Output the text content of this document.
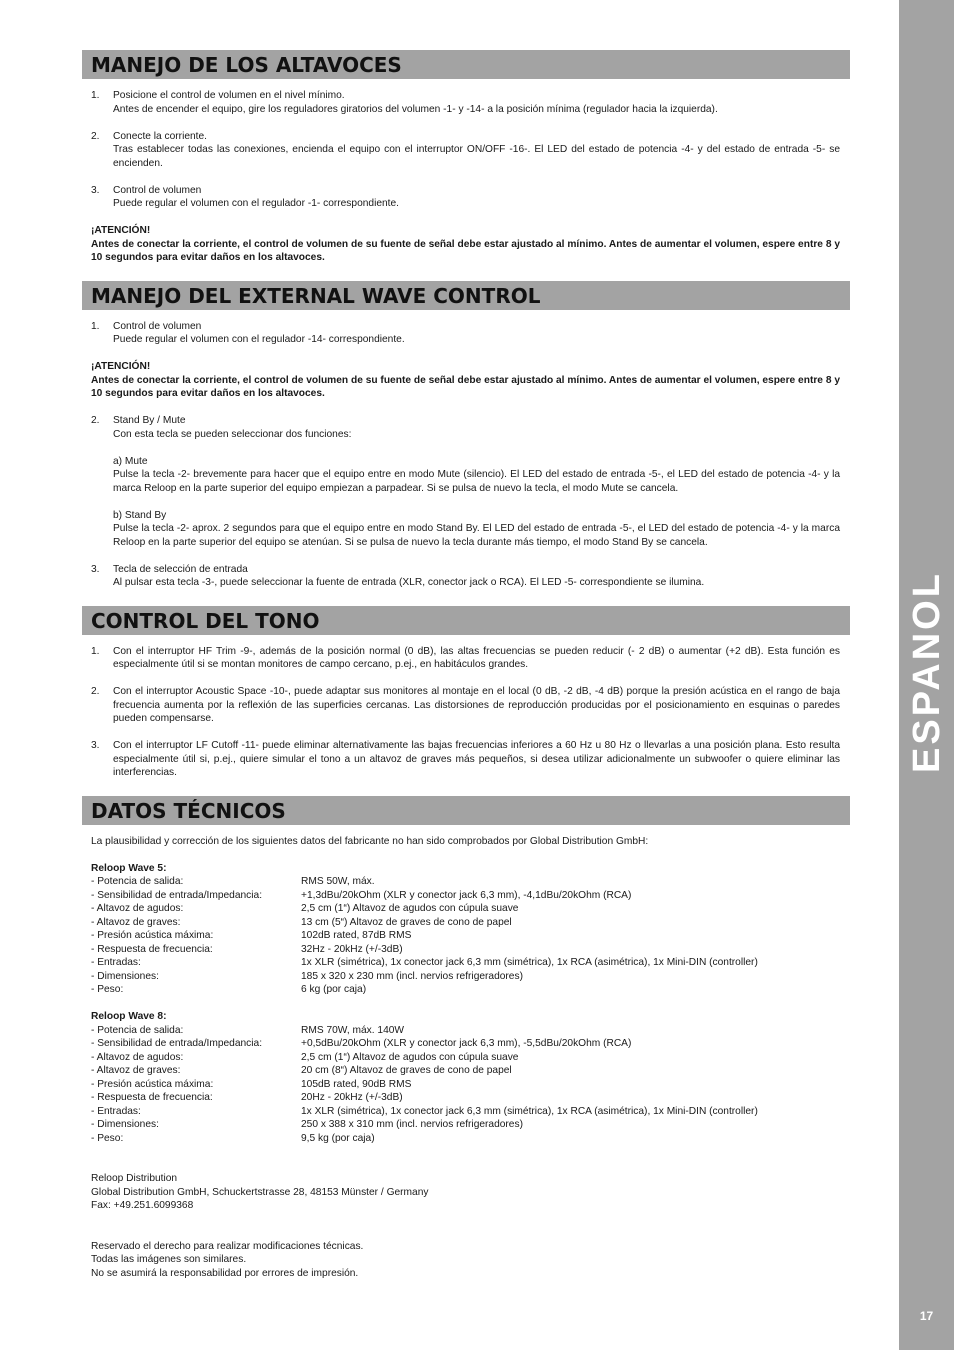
ESPANOL
17
MANEJO DE LOS ALTAVOCES
1. Posicione el control de volumen en el nivel mínimo.

Antes de encender el equipo, gire los reguladores giratorios del volumen -1- y -14- a la posición mínima (regulador hacia la izquierda).

2. Conecte la corriente.

Tras establecer todas las conexiones, encienda el equipo con el interruptor ON/OFF -16-. El LED del estado de potencia -4- y del estado de entrada -5- se encienden.

3. Control de volumen

Puede regular el volumen con el regulador -1- correspondiente.

¡ATENCIÓN!

Antes de conectar la corriente, el control de volumen de su fuente de señal debe estar ajustado al mínimo. Antes de aumentar el volumen, espere entre 8 y 10 segundos para evitar daños en los altavoces.

MANEJO DEL EXTERNAL WAVE CONTROL
1. Control de volumen

Puede regular el volumen con el regulador -14- correspondiente.

¡ATENCIÓN!

Antes de conectar la corriente, el control de volumen de su fuente de señal debe estar ajustado al mínimo. Antes de aumentar el volumen, espere entre 8 y 10 segundos para evitar daños en los altavoces.

2. Stand By / Mute

Con esta tecla se pueden seleccionar dos funciones:

a) Mute

Pulse la tecla -2- brevemente para hacer que el equipo entre en modo Mute (silencio). El LED del estado de entrada -5-, el LED del estado de potencia -4- y la marca Reloop en la parte superior del equipo empiezan a parpadear. Si se pulsa de nuevo la tecla, el modo Mute se cancela.

b) Stand By

Pulse la tecla -2- aprox. 2 segundos para que el equipo entre en modo Stand By. El LED del estado de entrada -5-, el LED del estado de potencia -4- y la marca Reloop en la parte superior del equipo se atenúan. Si se pulsa de nuevo la tecla durante más tiempo, el modo Stand By se cancela.

3. Tecla de selección de entrada

Al pulsar esta tecla -3-, puede seleccionar la fuente de entrada (XLR, conector jack o RCA). El LED -5- correspondiente se ilumina.

CONTROL DEL TONO
1. Con el interruptor HF Trim -9-, además de la posición normal (0 dB), las altas frecuencias se pueden reducir (- 2 dB) o aumentar (+2 dB). Esta función es especialmente útil si se montan monitores de campo cercano, p.ej., en habitáculos grandes.

2. Con el interruptor Acoustic Space -10-, puede adaptar sus monitores al montaje en el local (0 dB, -2 dB, -4 dB) porque la presión acústica en el rango de baja frecuencia aumenta por la reflexión de las superficies cercanas. Las distorsiones de reproducción producidas por el posicionamiento en esquinas o paredes pueden compensarse.

3. Con el interruptor LF Cutoff -11- puede eliminar alternativamente las bajas frecuencias inferiores a 60 Hz u 80 Hz o llevarlas a una posición plana. Esto resulta especialmente útil si, p.ej., quiere simular el tono a un altavoz de graves más pequeños, si desea utilizar adicionalmente un subwoofer o quiere eliminar las interferencias.

DATOS TÉCNICOS

La plausibilidad y corrección de los siguientes datos del fabricante no han sido comprobados por Global Distribution GmbH:

Reloop Wave 5:

- Potencia de salida:	RMS 50W, máx.
- Sensibilidad de entrada/Impedancia:	+1,3dBu/20kOhm (XLR y conector jack 6,3 mm), -4,1dBu/20kOhm (RCA)
- Altavoz de agudos:	2,5 cm (1“) Altavoz de agudos con cúpula suave
- Altavoz de graves:	13 cm (5“) Altavoz de graves de cono de papel
- Presión acústica máxima:	102dB rated, 87dB RMS
- Respuesta de frecuencia:	32Hz - 20kHz (+/-3dB)
- Entradas:	1x XLR (simétrica), 1x conector jack 6,3 mm (simétrica), 1x RCA (asimétrica), 1x Mini-DIN (controller)
- Dimensiones:	185 x 320 x 230 mm (incl. nervios refrigeradores)
- Peso:	6 kg (por caja)

Reloop Wave 8:

- Potencia de salida:	RMS 70W, máx. 140W
- Sensibilidad de entrada/Impedancia:	+0,5dBu/20kOhm (XLR y conector jack 6,3 mm), -5,5dBu/20kOhm (RCA)
- Altavoz de agudos:	2,5 cm (1“) Altavoz de agudos con cúpula suave
- Altavoz de graves:	20 cm (8“) Altavoz de graves de cono de papel
- Presión acústica máxima:	105dB rated, 90dB RMS
- Respuesta de frecuencia:	20Hz - 20kHz (+/-3dB)
- Entradas:	1x XLR (simétrica), 1x conector jack 6,3 mm (simétrica), 1x RCA (asimétrica), 1x Mini-DIN (controller)
- Dimensiones:	250 x 388 x 310 mm (incl. nervios refrigeradores)
- Peso:	9,5 kg (por caja)

Reloop Distribution

Global Distribution GmbH, Schuckertstrasse 28, 48153 Münster / Germany

Fax: +49.251.6099368

Reservado el derecho para realizar modificaciones técnicas.

Todas las imágenes son similares.

No se asumirá la responsabilidad por errores de impresión.
